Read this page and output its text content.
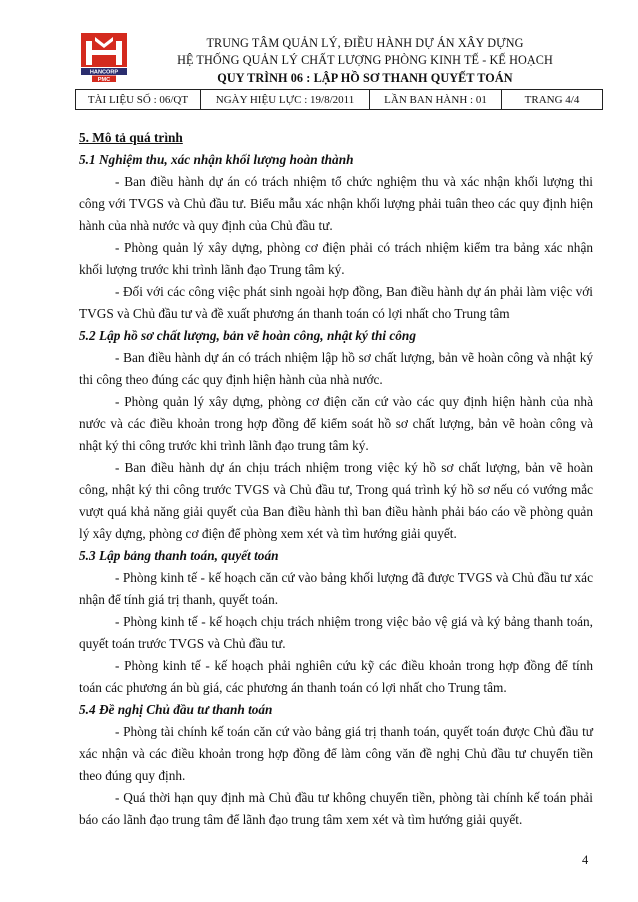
HANCORP
PMC
TRUNG TÂM QUẢN LÝ, ĐIỀU HÀNH DỰ ÁN XÂY DỰNG
HỆ THỐNG QUẢN LÝ CHẤT LƯỢNG PHÒNG KINH TẾ - KẾ HOẠCH
QUY TRÌNH 06 : LẬP HỒ SƠ THANH QUYẾT TOÁN
TÀI LIỆU SỐ : 06/QT	NGÀY HIỆU LỰC : 19/8/2011	LẦN BAN HÀNH : 01	TRANG 4/4
5. Mô tả quá trình
5.1 Nghiệm thu, xác nhận khối lượng hoàn thành

- Ban điều hành dự án có trách nhiệm tổ chức nghiệm thu và xác nhận khối lượng thi công với TVGS và Chủ đầu tư. Biểu mẫu xác nhận khối lượng phải tuân theo các quy định hiện hành của nhà nước và quy định của Chủ đầu tư.

- Phòng quản lý xây dựng, phòng cơ điện phải có trách nhiệm kiểm tra bảng xác nhận khối lượng trước khi trình lãnh đạo Trung tâm ký.

- Đối với các công việc phát sinh ngoài hợp đồng, Ban điều hành dự án phải làm việc với TVGS và Chủ đầu tư và đề xuất phương án thanh toán có lợi nhất cho Trung tâm

5.2 Lập hồ sơ chất lượng, bản vẽ hoàn công, nhật ký thi công

- Ban điều hành dự án có trách nhiệm lập hồ sơ chất lượng, bản vẽ hoàn công và nhật ký thi công theo đúng các quy định hiện hành của nhà nước.

- Phòng quản lý xây dựng, phòng cơ điện căn cứ vào các quy định hiện hành của nhà nước và các điều khoản trong hợp đồng để kiểm soát hồ sơ chất lượng, bản vẽ hoàn công và nhật ký thi công trước khi trình lãnh đạo trung tâm ký.

- Ban điều hành dự án chịu trách nhiệm trong việc ký hồ sơ chất lượng, bản vẽ hoàn công, nhật ký thi công trước TVGS và Chủ đầu tư, Trong quá trình ký hồ sơ nếu có vướng mắc vượt quá khả năng giải quyết của Ban điều hành thì ban điều hành phải báo cáo về phòng quản lý xây dựng, phòng cơ điện để phòng xem xét và tìm hướng giải quyết.

5.3 Lập bảng thanh toán, quyết toán

- Phòng kinh tế - kế hoạch căn cứ vào bảng khối lượng đã được TVGS và Chủ đầu tư xác nhận để tính giá trị thanh, quyết toán.

- Phòng kinh tế - kế hoạch chịu trách nhiệm trong việc bảo vệ giá và ký bảng thanh toán, quyết toán trước TVGS và Chủ đầu tư.

- Phòng kinh tế - kế hoạch phải nghiên cứu kỹ các điều khoản trong hợp đồng để tính toán các phương án bù giá, các phương án thanh toán có lợi nhất cho Trung tâm.

5.4 Đề nghị Chủ đầu tư thanh toán

- Phòng tài chính kế toán căn cứ vào bảng giá trị thanh toán, quyết toán được Chủ đầu tư xác nhận và các điều khoản trong hợp đồng để làm công văn đề nghị Chủ đầu tư chuyển tiền theo đúng quy định.

- Quá thời hạn quy định mà Chủ đầu tư không chuyển tiền, phòng tài chính kế toán phải báo cáo lãnh đạo trung tâm để lãnh đạo trung tâm xem xét và tìm hướng giải quyết.

4
